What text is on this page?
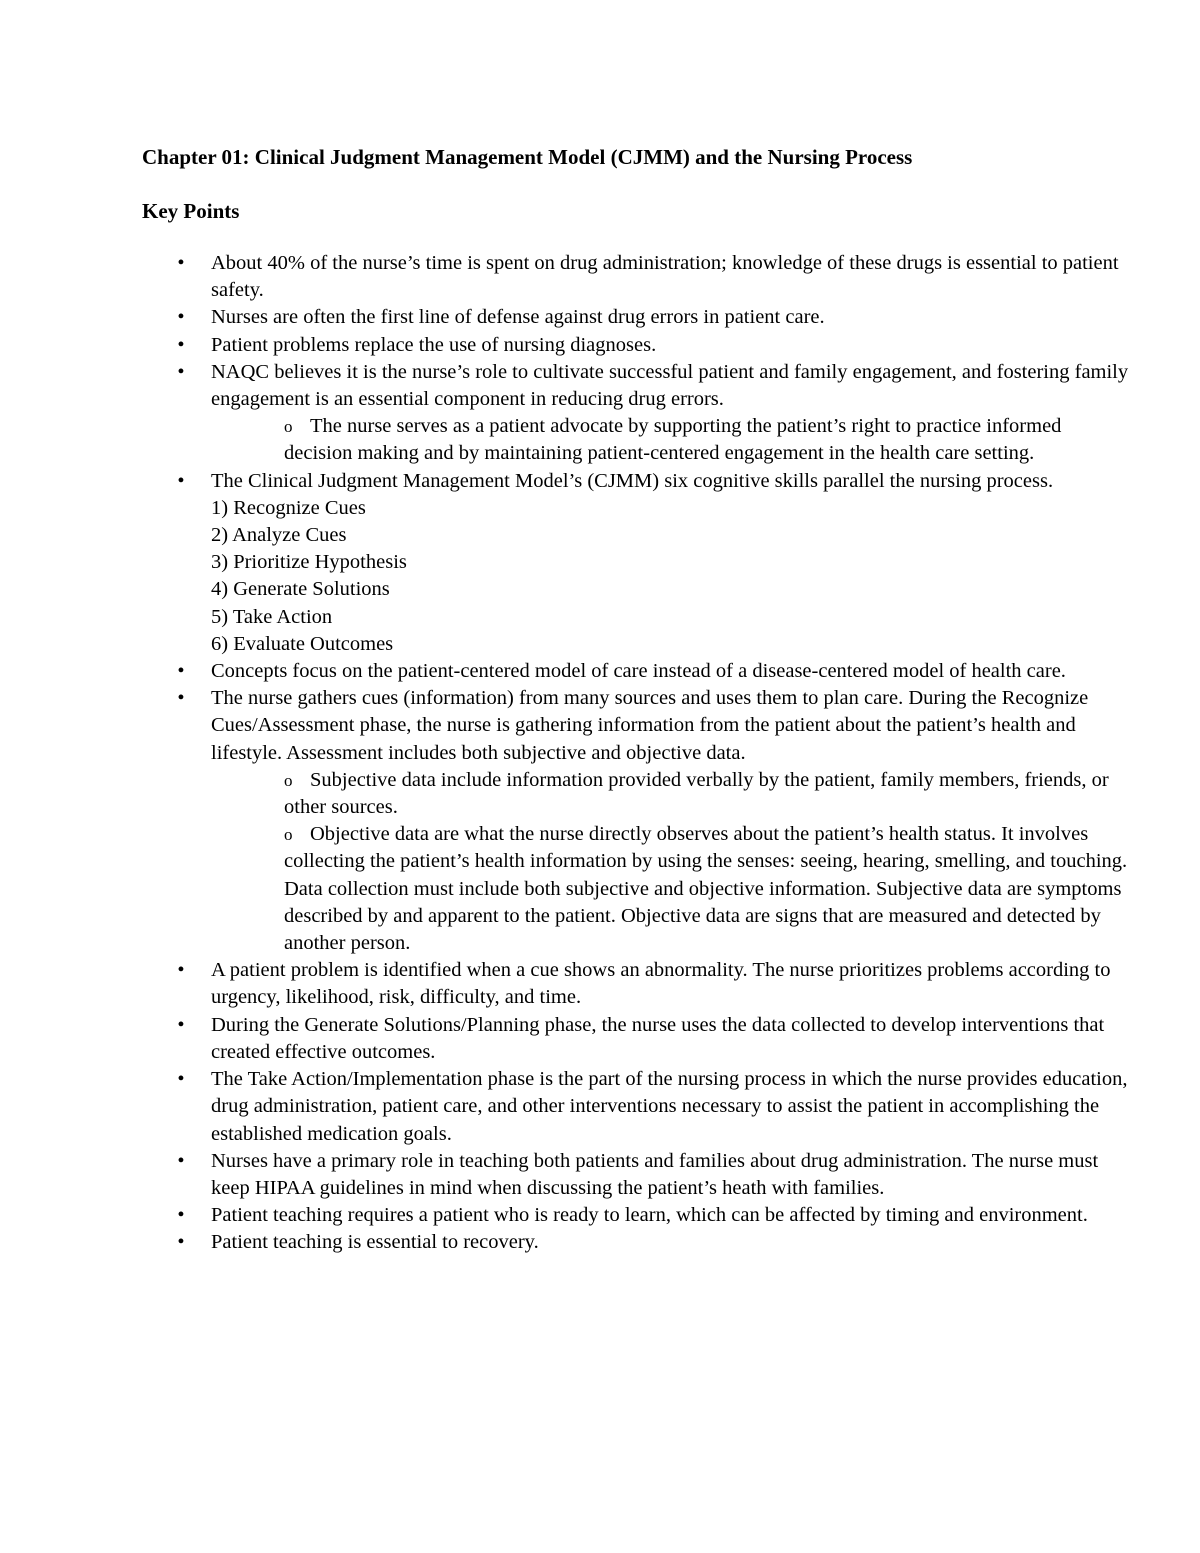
Chapter 01: Clinical Judgment Management Model (CJMM) and the Nursing Process
Key Points
• About 40% of the nurse’s time is spent on drug administration; knowledge of these drugs is essential to patient safety.
• Nurses are often the first line of defense against drug errors in patient care.
• Patient problems replace the use of nursing diagnoses.
• NAQC believes it is the nurse’s role to cultivate successful patient and family engagement, and fostering family engagement is an essential component in reducing drug errors.
o The nurse serves as a patient advocate by supporting the patient’s right to practice informed decision making and by maintaining patient-centered engagement in the health care setting.
• The Clinical Judgment Management Model’s (CJMM) six cognitive skills parallel the nursing process.
1) Recognize Cues
2) Analyze Cues
3) Prioritize Hypothesis
4) Generate Solutions
5) Take Action
6) Evaluate Outcomes
• Concepts focus on the patient-centered model of care instead of a disease-centered model of health care.
• The nurse gathers cues (information) from many sources and uses them to plan care. During the Recognize Cues/Assessment phase, the nurse is gathering information from the patient about the patient’s health and lifestyle. Assessment includes both subjective and objective data.
o Subjective data include information provided verbally by the patient, family members, friends, or other sources.
o Objective data are what the nurse directly observes about the patient’s health status. It involves collecting the patient’s health information by using the senses: seeing, hearing, smelling, and touching. Data collection must include both subjective and objective information. Subjective data are symptoms described by and apparent to the patient. Objective data are signs that are measured and detected by another person.
• A patient problem is identified when a cue shows an abnormality. The nurse prioritizes problems according to urgency, likelihood, risk, difficulty, and time.
• During the Generate Solutions/Planning phase, the nurse uses the data collected to develop interventions that created effective outcomes.
• The Take Action/Implementation phase is the part of the nursing process in which the nurse provides education, drug administration, patient care, and other interventions necessary to assist the patient in accomplishing the established medication goals.
• Nurses have a primary role in teaching both patients and families about drug administration. The nurse must keep HIPAA guidelines in mind when discussing the patient’s heath with families.
• Patient teaching requires a patient who is ready to learn, which can be affected by timing and environment.
• Patient teaching is essential to recovery.
